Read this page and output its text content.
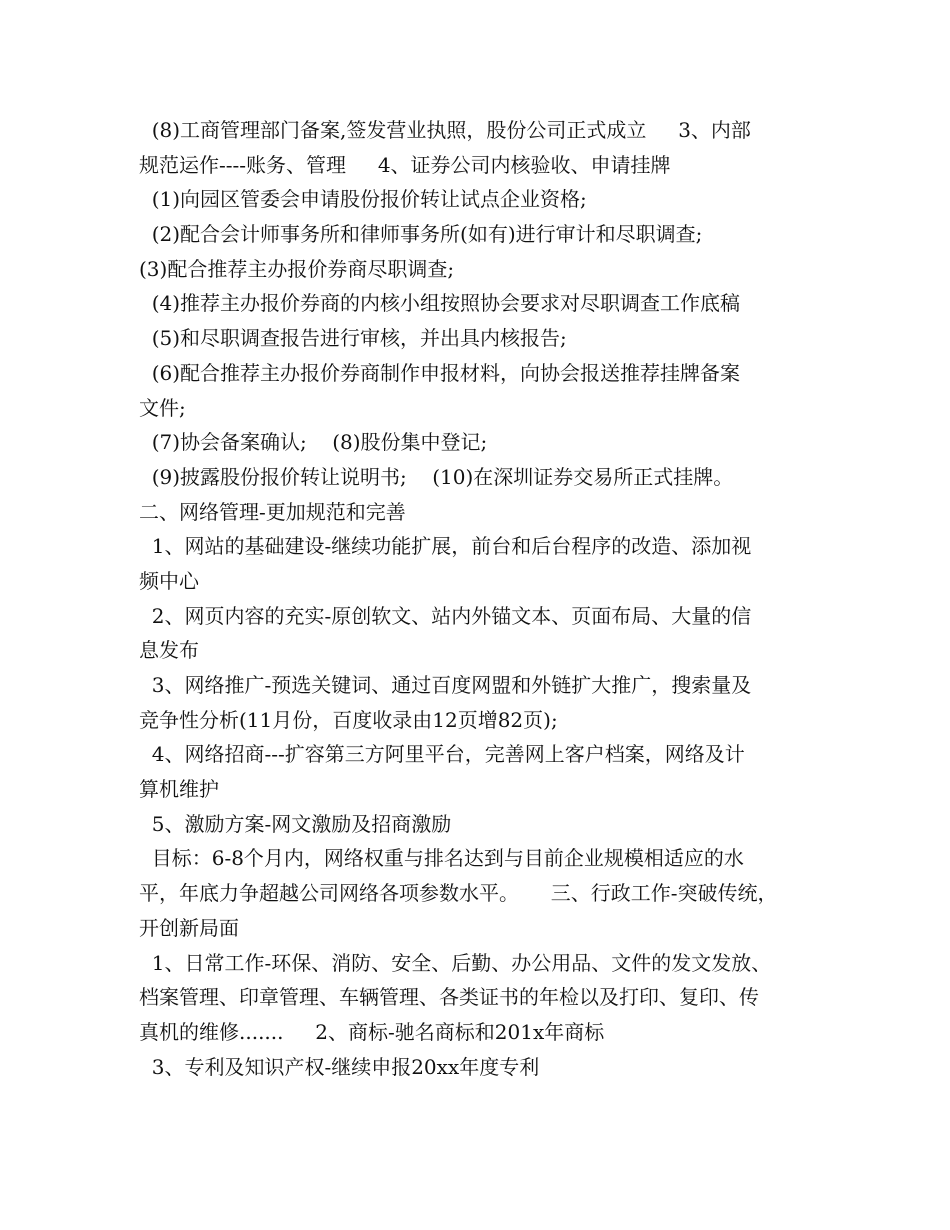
(8)工商管理部门备案,签发营业执照，股份公司正式成立     3、内部
规范运作----账务、管理     4、证券公司内核验收、申请挂牌
(1)向园区管委会申请股份报价转让试点企业资格;
(2)配合会计师事务所和律师事务所(如有)进行审计和尽职调查;
(3)配合推荐主办报价券商尽职调查;
(4)推荐主办报价券商的内核小组按照协会要求对尽职调查工作底稿
(5)和尽职调查报告进行审核，并出具内核报告;
(6)配合推荐主办报价券商制作申报材料，向协会报送推荐挂牌备案
文件;
(7)协会备案确认;    (8)股份集中登记;
(9)披露股份报价转让说明书;    (10)在深圳证券交易所正式挂牌。
二、网络管理-更加规范和完善
1、网站的基础建设-继续功能扩展，前台和后台程序的改造、添加视
频中心
2、网页内容的充实-原创软文、站内外锚文本、页面布局、大量的信
息发布
3、网络推广-预选关键词、通过百度网盟和外链扩大推广，搜索量及
竞争性分析(11月份，百度收录由12页增82页);
4、网络招商---扩容第三方阿里平台，完善网上客户档案，网络及计
算机维护
5、激励方案-网文激励及招商激励
目标：6-8个月内，网络权重与排名达到与目前企业规模相适应的水
平，年底力争超越公司网络各项参数水平。     三、行政工作-突破传统，
开创新局面
1、日常工作-环保、消防、安全、后勤、办公用品、文件的发文发放、
档案管理、印章管理、车辆管理、各类证书的年检以及打印、复印、传
真机的维修.......     2、商标-驰名商标和201x年商标
3、专利及知识产权-继续申报20xx年度专利
